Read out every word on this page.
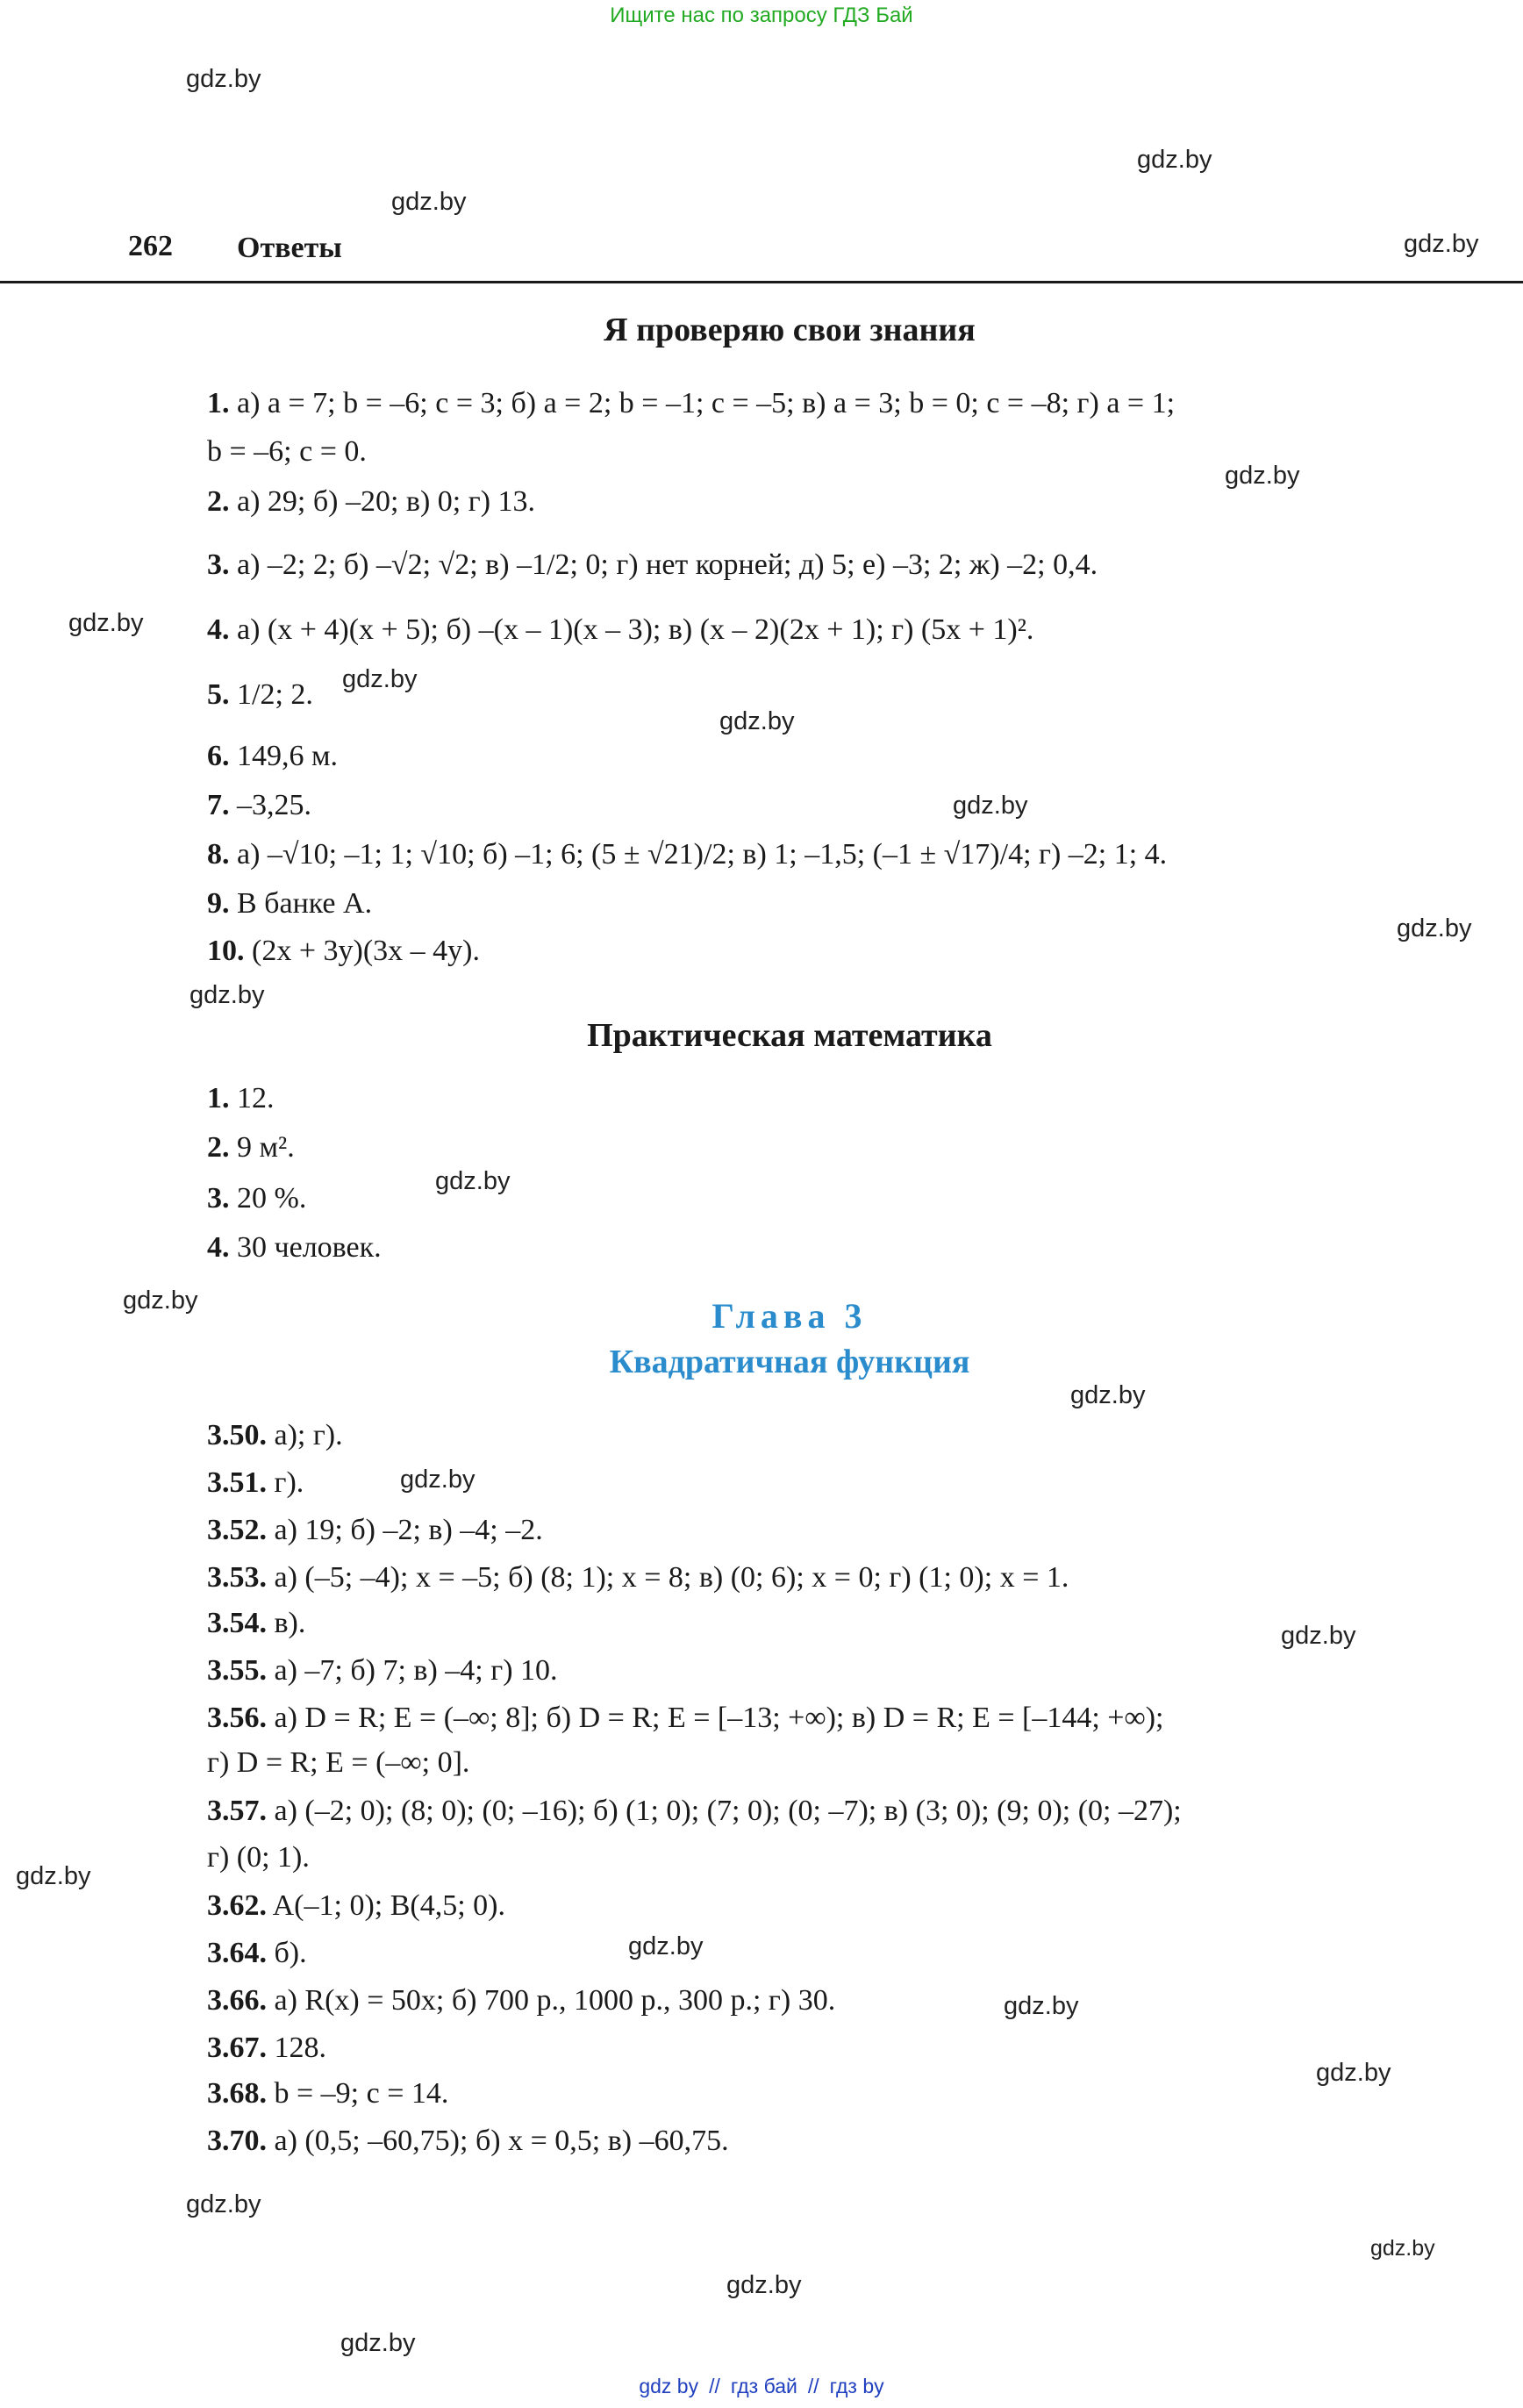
Ищите нас по запросу ГДЗ Бай
gdz.by
gdz.by
gdz.by
gdz.by
gdz.by
gdz.by
gdz.by
gdz.by
gdz.by
gdz.by
gdz.by
gdz.by
gdz.by
gdz.by
gdz.by
gdz.by
gdz.by
gdz.by
gdz.by
gdz.by
gdz.by
gdz.by
gdz.by
gdz.by
262 Ответы
Я проверяю свои знания
1. а) a = 7; b = –6; c = 3; б) a = 2; b = –1; c = –5; в) a = 3; b = 0; c = –8; г) a = 1;
b = –6; c = 0.
2. а) 29; б) –20; в) 0; г) 13.
3. а) –2; 2; б) –√2; √2; в) –1/2; 0; г) нет корней; д) 5; е) –3; 2; ж) –2; 0,4.
4. а) (x + 4)(x + 5); б) –(x – 1)(x – 3); в) (x – 2)(2x + 1); г) (5x + 1)².
5. 1/2; 2.
6. 149,6 м.
7. –3,25.
8. а) –√10; –1; 1; √10; б) –1; 6; (5 ± √21)/2; в) 1; –1,5; (–1 ± √17)/4; г) –2; 1; 4.
9. В банке A.
10. (2x + 3y)(3x – 4y).
Практическая математика
1. 12.
2. 9 м².
3. 20 %.
4. 30 человек.
Глава 3
Квадратичная функция
3.50. а); г).
3.51. г).
3.52. а) 19; б) –2; в) –4; –2.
3.53. а) (–5; –4); x = –5; б) (8; 1); x = 8; в) (0; 6); x = 0; г) (1; 0); x = 1.
3.54. в).
3.55. а) –7; б) 7; в) –4; г) 10.
3.56. а) D = R; E = (–∞; 8]; б) D = R; E = [–13; +∞); в) D = R; E = [–144; +∞);
г) D = R; E = (–∞; 0].
3.57. а) (–2; 0); (8; 0); (0; –16); б) (1; 0); (7; 0); (0; –7); в) (3; 0); (9; 0); (0; –27);
г) (0; 1).
3.62. A(–1; 0); B(4,5; 0).
3.64. б).
3.66. а) R(x) = 50x; б) 700 р., 1000 р., 300 р.; г) 30.
3.67. 128.
3.68. b = –9; c = 14.
3.70. а) (0,5; –60,75); б) x = 0,5; в) –60,75.
gdz by // гдз бай // гдз by
